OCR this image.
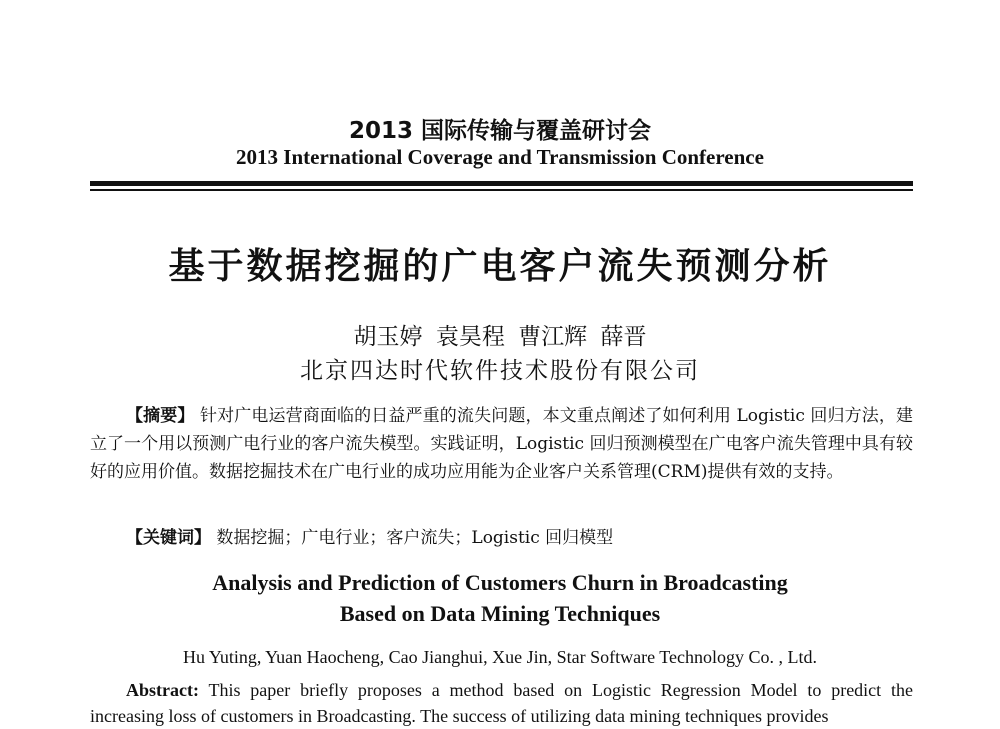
2013 国际传输与覆盖研讨会
2013 International Coverage and Transmission Conference
基于数据挖掘的广电客户流失预测分析
胡玉婷 袁昊程 曹江辉 薛晋
北京四达时代软件技术股份有限公司
【摘要】 针对广电运营商面临的日益严重的流失问题，本文重点阐述了如何利用 Logistic 回归方法，建立了一个用以预测广电行业的客户流失模型。实践证明，Logistic 回归预测模型在广电客户流失管理中具有较好的应用价值。数据挖掘技术在广电行业的成功应用能为企业客户关系管理(CRM)提供有效的支持。
【关键词】 数据挖掘；广电行业；客户流失；Logistic 回归模型
Analysis and Prediction of Customers Churn in Broadcasting
Based on Data Mining Techniques
Hu Yuting, Yuan Haocheng, Cao Jianghui, Xue Jin, Star Software Technology Co. , Ltd.
Abstract: This paper briefly proposes a method based on Logistic Regression Model to predict the increasing loss of customers in Broadcasting. The success of utilizing data mining techniques provides
